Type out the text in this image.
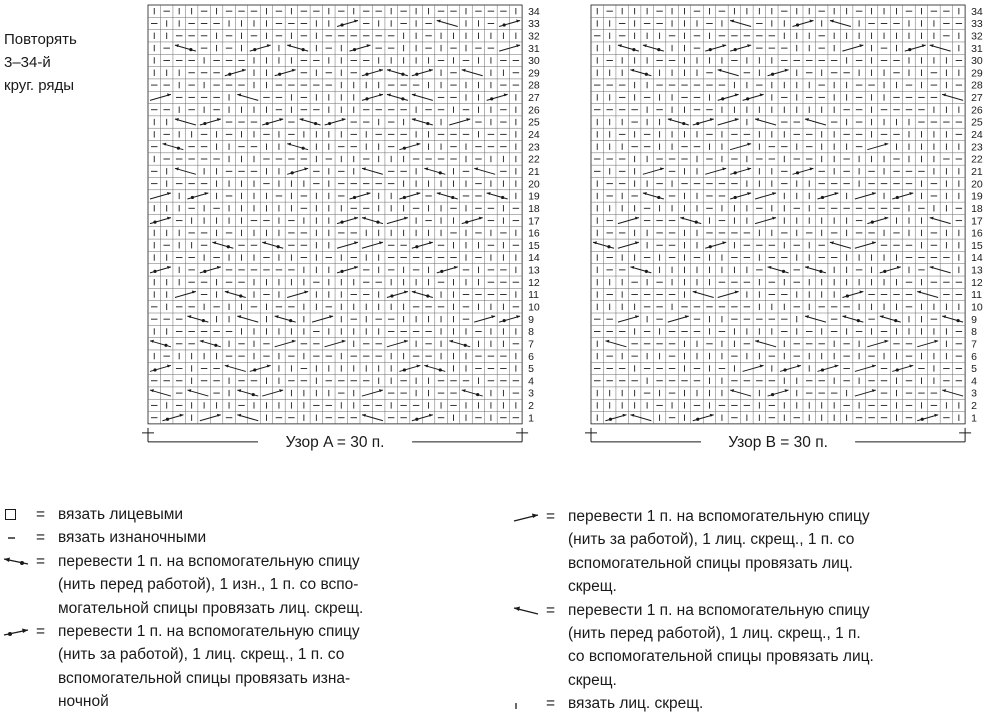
Повторять
3–34-й
круг. ряды
34
33
32
31
30
29
28
27
26
25
24
23
22
21
20
19
18
17
16
15
14
13
12
11
10
9
8
7
6
5
4
3
2
1
Узор A = 30 п.
34
33
32
31
30
29
28
27
26
25
24
23
22
21
20
19
18
17
16
15
14
13
12
11
10
9
8
7
6
5
4
3
2
1
Узор B = 30 п.
= вязать лицевыми
= вязать изнаночными
= перевести 1 п. на вспомогательную спицу
(нить перед работой), 1 изн., 1 п. со вспо-
могательной спицы провязать лиц. скрещ.
= перевести 1 п. на вспомогательную спицу
(нить за работой), 1 лиц. скрещ., 1 п. со
вспомогательной спицы провязать изна-
ночной
= перевести 1 п. на вспомогательную спицу
(нить за работой), 1 лиц. скрещ., 1 п. со
вспомогательной спицы провязать лиц.
скрещ.
= перевести 1 п. на вспомогательную спицу
(нить перед работой), 1 лиц. скрещ., 1 п.
со вспомогательной спицы провязать лиц.
скрещ.
= вязать лиц. скрещ.
